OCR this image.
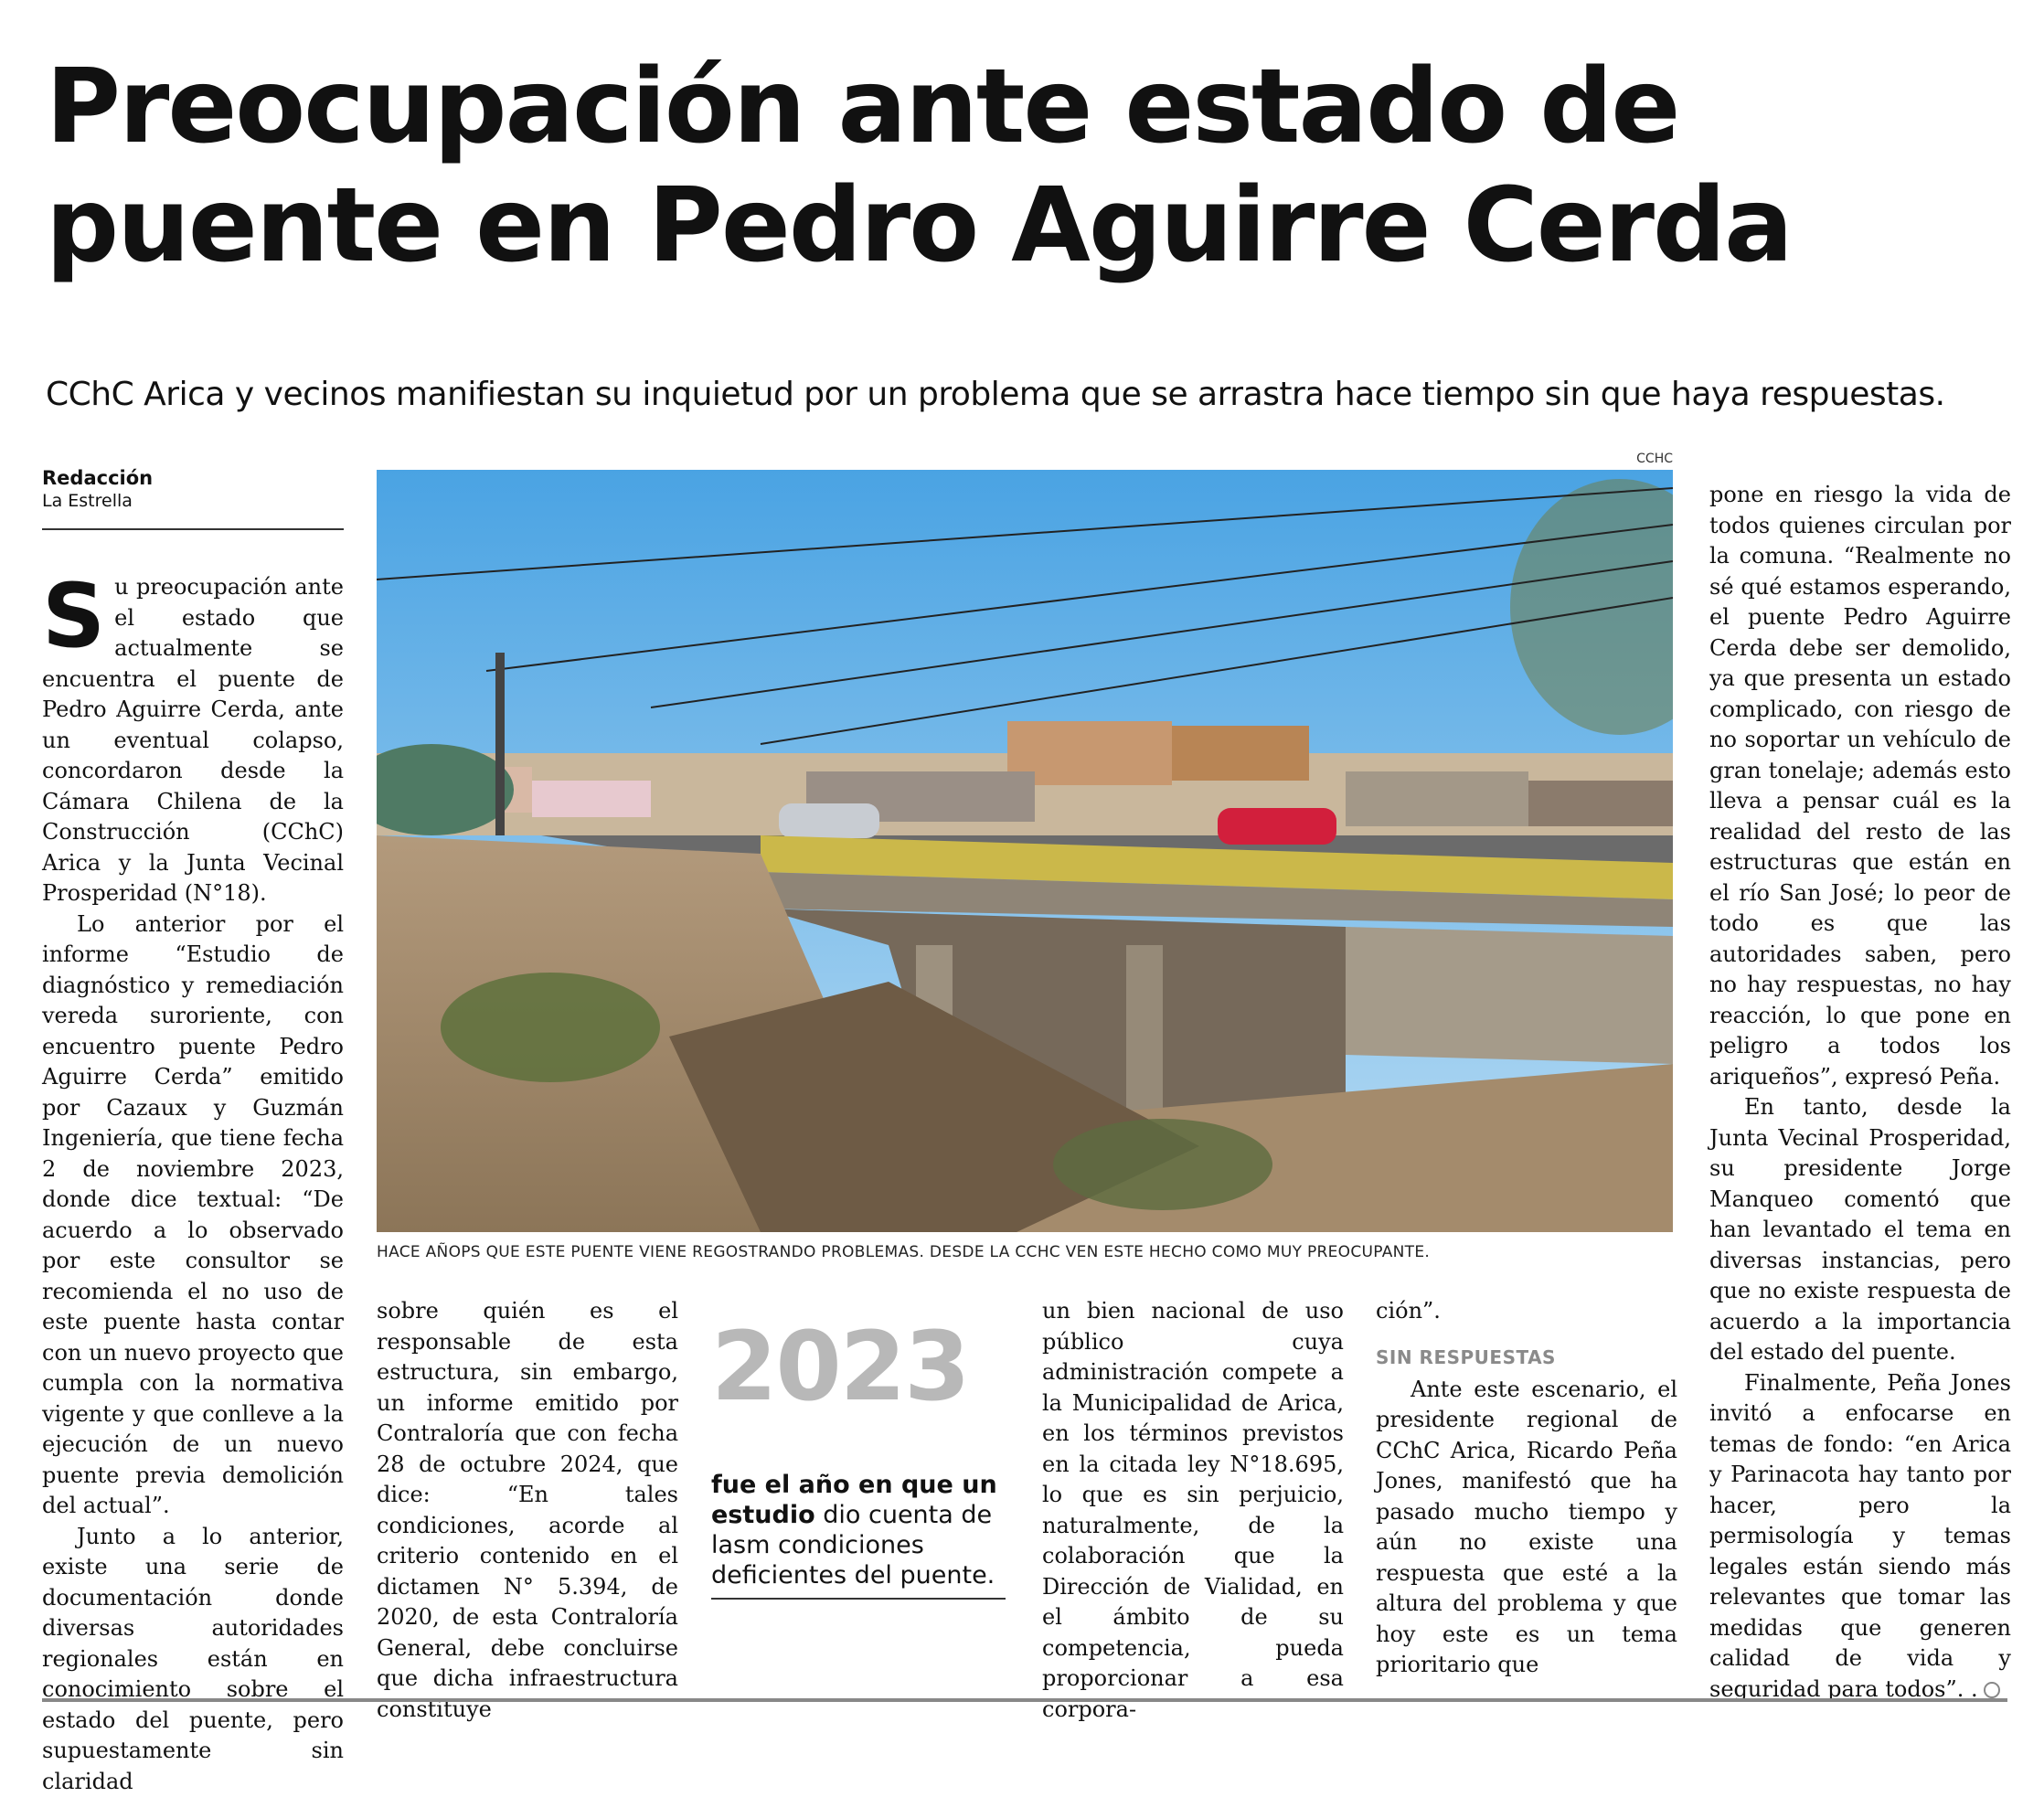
Preocupación ante estado de
puente en Pedro Aguirre Cerda

CChC Arica y vecinos manifiestan su inquietud por un problema que se arrastra hace tiempo sin que haya respuestas.

Redacción
La Estrella

Su preocupación ante el estado que actualmente se encuentra el puente de Pedro Aguirre Cerda, ante un eventual colapso, concordaron desde la Cámara Chilena de la Construcción (CChC) Arica y la Junta Vecinal Prosperidad (N°18).

Lo anterior por el informe “Estudio de diagnóstico y remediación vereda suroriente, con encuentro puente Pedro Aguirre Cerda” emitido por Cazaux y Guzmán Ingeniería, que tiene fecha 2 de noviembre 2023, donde dice textual: “De acuerdo a lo observado por este consultor se recomienda el no uso de este puente hasta contar con un nuevo proyecto que cumpla con la normativa vigente y que conlleve a la ejecución de un nuevo puente previa demolición del actual”.

Junto a lo anterior, existe una serie de documentación donde diversas autoridades regionales están en conocimiento sobre el estado del puente, pero supuestamente sin claridad

CCHC
HACE AÑOPS QUE ESTE PUENTE VIENE REGOSTRANDO PROBLEMAS. DESDE LA CCHC VEN ESTE HECHO COMO MUY PREOCUPANTE.

sobre quién es el responsable de esta estructura, sin embargo, un informe emitido por Contraloría que con fecha 28 de octubre 2024, que dice: “En tales condiciones, acorde al criterio contenido en el dictamen N° 5.394, de 2020, de esta Contraloría General, debe concluirse que dicha infraestructura constituye

2023
fue el año en que un estudio dio cuenta de lasm condiciones deficientes del puente.

un bien nacional de uso público cuya administración compete a la Municipalidad de Arica, en los términos previstos en la citada ley N°18.695, lo que es sin perjuicio, naturalmente, de la colaboración que la Dirección de Vialidad, en el ámbito de su competencia, pueda proporcionar a esa corpora-

ción”.

SIN RESPUESTAS

Ante este escenario, el presidente regional de CChC Arica, Ricardo Peña Jones, manifestó que ha pasado mucho tiempo y aún no existe una respuesta que esté a la altura del problema y que hoy este es un tema prioritario que

pone en riesgo la vida de todos quienes circulan por la comuna. “Realmente no sé qué estamos esperando, el puente Pedro Aguirre Cerda debe ser demolido, ya que presenta un estado complicado, con riesgo de no soportar un vehículo de gran tonelaje; además esto lleva a pensar cuál es la realidad del resto de las estructuras que están en el río San José; lo peor de todo es que las autoridades saben, pero no hay respuestas, no hay reacción, lo que pone en peligro a todos los ariqueños”, expresó Peña.

En tanto, desde la Junta Vecinal Prosperidad, su presidente Jorge Manqueo comentó que han levantado el tema en diversas instancias, pero que no existe respuesta de acuerdo a la importancia del estado del puente.

Finalmente, Peña Jones invitó a enfocarse en temas de fondo: “en Arica y Parinacota hay tanto por hacer, pero la permisología y temas legales están siendo más relevantes que tomar las medidas que generen calidad de vida y seguridad para todos”. .
